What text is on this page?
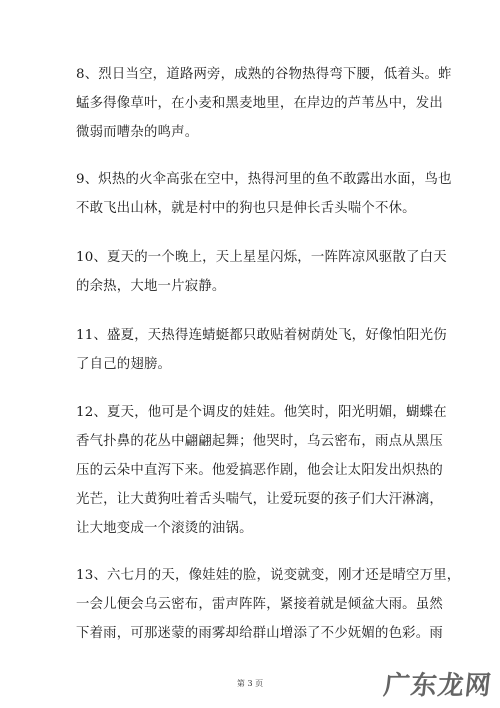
8、烈日当空，道路两旁，成熟的谷物热得弯下腰，低着头。蚱
蜢多得像草叶，在小麦和黑麦地里，在岸边的芦苇丛中，发出
微弱而嘈杂的鸣声。
9、炽热的火伞高张在空中，热得河里的鱼不敢露出水面，鸟也
不敢飞出山林，就是村中的狗也只是伸长舌头喘个不休。
10、夏天的一个晚上，天上星星闪烁，一阵阵凉风驱散了白天
的余热，大地一片寂静。
11、盛夏，天热得连蜻蜓都只敢贴着树荫处飞，好像怕阳光伤
了自己的翅膀。
12、夏天，他可是个调皮的娃娃。他笑时，阳光明媚，蝴蝶在
香气扑鼻的花丛中翩翩起舞；他哭时，乌云密布，雨点从黑压
压的云朵中直泻下来。他爱搞恶作剧，他会让太阳发出炽热的
光芒，让大黄狗吐着舌头喘气，让爱玩耍的孩子们大汗淋漓，
让大地变成一个滚烫的油锅。
13、六七月的天，像娃娃的脸，说变就变，刚才还是晴空万里，
一会儿便会乌云密布，雷声阵阵，紧接着就是倾盆大雨。虽然
下着雨，可那迷蒙的雨雾却给群山增添了不少妩媚的色彩。雨
第 3 页	广东龙网
